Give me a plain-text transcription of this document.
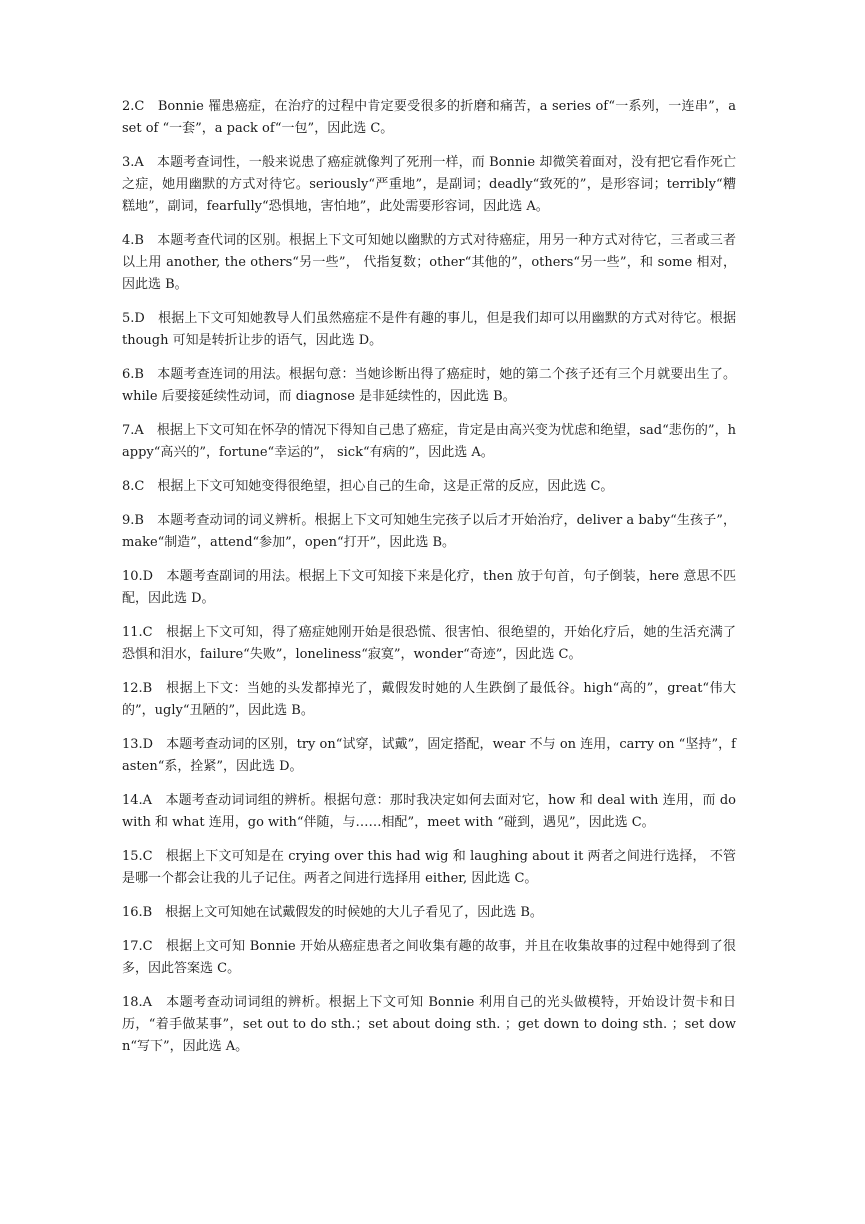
2.C　Bonnie 罹患癌症，在治疗的过程中肯定要受很多的折磨和痛苦，a series of“一系列，一连串”，a set of “一套”，a pack of“一包”，因此选 C。

3.A　本题考查词性，一般来说患了癌症就像判了死刑一样，而 Bonnie 却微笑着面对，没有把它看作死亡之症，她用幽默的方式对待它。seriously“严重地”，是副词；deadly“致死的”，是形容词；terribly“糟糕地”，副词，fearfully“恐惧地，害怕地”，此处需要形容词，因此选 A。

4.B　本题考查代词的区别。根据上下文可知她以幽默的方式对待癌症，用另一种方式对待它，三者或三者以上用 another, the others“另一些”， 代指复数；other“其他的”，others“另一些”，和 some 相对，因此选 B。

5.D　根据上下文可知她教导人们虽然癌症不是件有趣的事儿，但是我们却可以用幽默的方式对待它。根据 though 可知是转折让步的语气，因此选 D。

6.B　本题考查连词的用法。根据句意：当她诊断出得了癌症时，她的第二个孩子还有三个月就要出生了。while 后要接延续性动词，而 diagnose 是非延续性的，因此选 B。

7.A　根据上下文可知在怀孕的情况下得知自己患了癌症，肯定是由高兴变为忧虑和绝望，sad“悲伤的”，happy“高兴的”，fortune“幸运的”， sick“有病的”，因此选 A。

8.C　根据上下文可知她变得很绝望，担心自己的生命，这是正常的反应，因此选 C。

9.B　本题考查动词的词义辨析。根据上下文可知她生完孩子以后才开始治疗，deliver a baby“生孩子”，make“制造”，attend“参加”，open“打开”，因此选 B。

10.D　本题考查副词的用法。根据上下文可知接下来是化疗，then 放于句首，句子倒装，here 意思不匹配，因此选 D。

11.C　根据上下文可知，得了癌症她刚开始是很恐慌、很害怕、很绝望的，开始化疗后，她的生活充满了恐惧和泪水，failure“失败”，loneliness“寂寞”，wonder“奇迹”，因此选 C。

12.B　根据上下文：当她的头发都掉光了，戴假发时她的人生跌倒了最低谷。high“高的”，great“伟大的”，ugly“丑陋的”，因此选 B。

13.D　本题考查动词的区别，try on“试穿，试戴”，固定搭配，wear 不与 on 连用，carry on “坚持”，fasten“系，拴紧”，因此选 D。

14.A　本题考查动词词组的辨析。根据句意：那时我决定如何去面对它，how 和 deal with 连用，而 do with 和 what 连用，go with“伴随，与……相配”，meet with “碰到，遇见”，因此选 C。

15.C　根据上下文可知是在 crying over this had wig 和 laughing about it 两者之间进行选择， 不管是哪一个都会让我的儿子记住。两者之间进行选择用 either, 因此选 C。

16.B　根据上文可知她在试戴假发的时候她的大儿子看见了，因此选 B。

17.C　根据上文可知 Bonnie 开始从癌症患者之间收集有趣的故事，并且在收集故事的过程中她得到了很多，因此答案选 C。

18.A　本题考查动词词组的辨析。根据上下文可知 Bonnie 利用自己的光头做模特，开始设计贺卡和日历，“着手做某事”，set out to do sth.；set about doing sth. ；get down to doing sth. ；set down“写下”，因此选 A。
